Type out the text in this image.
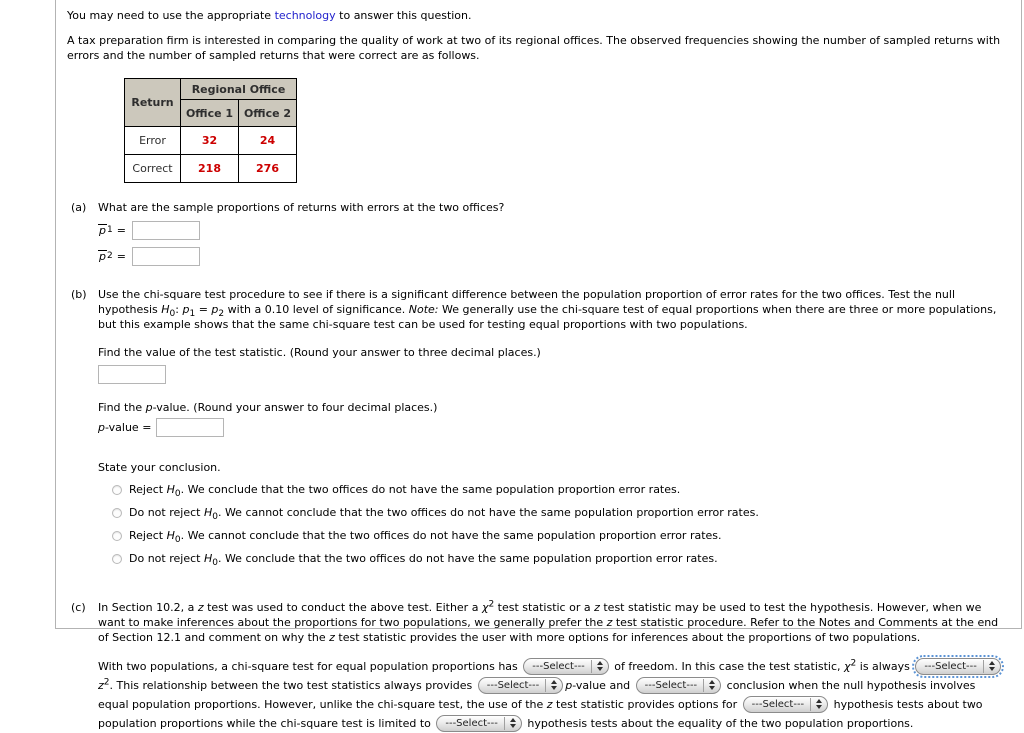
You may need to use the appropriate technology to answer this question.
A tax preparation firm is interested in comparing the quality of work at two of its regional offices. The observed frequencies showing the number of sampled returns with errors and the number of sampled returns that were correct are as follows.
Return	Regional Office	
	Office 1	Office 2
Error	32	24
Correct	218	276
(a) What are the sample proportions of returns with errors at the two offices?
p 1 =
p 2 =
(b) Use the chi-square test procedure to see if there is a significant difference between the population proportion of error rates for the two offices. Test the null hypothesis $H_0$: $p_1 = p_2$ with a 0.10 level of significance. Note: We generally use the chi-square test of equal proportions when there are three or more populations, but this example shows that the same chi-square test can be used for testing equal proportions with two populations.
Find the value of the test statistic. (Round your answer to three decimal places.)
Find the p-value. (Round your answer to four decimal places.)
p-value =
State your conclusion.
Reject $H_0$. We conclude that the two offices do not have the same population proportion error rates.
Do not reject $H_0$. We cannot conclude that the two offices do not have the same population proportion error rates.
Reject $H_0$. We cannot conclude that the two offices do not have the same population proportion error rates.
Do not reject $H_0$. We conclude that the two offices do not have the same population proportion error rates.
(c) In Section 10.2, a z test was used to conduct the above test. Either a $\chi^2$ test statistic or a z test statistic may be used to test the hypothesis. However, when we want to make inferences about the proportions for two populations, we generally prefer the z test statistic procedure. Refer to the Notes and Comments at the end of Section 12.1 and comment on why the z test statistic provides the user with more options for inferences about the proportions of two populations.
With two populations, a chi-square test for equal population proportions has ---Select--- of freedom. In this case the test statistic, $\chi^2$ is always ---Select---
$z^2$. This relationship between the two test statistics always provides ---Select--- p-value and ---Select--- conclusion when the null hypothesis involves equal population proportions. However, unlike the chi-square test, the use of the z test statistic provides options for ---Select--- hypothesis tests about two population proportions while the chi-square test is limited to ---Select--- hypothesis tests about the equality of the two population proportions.
